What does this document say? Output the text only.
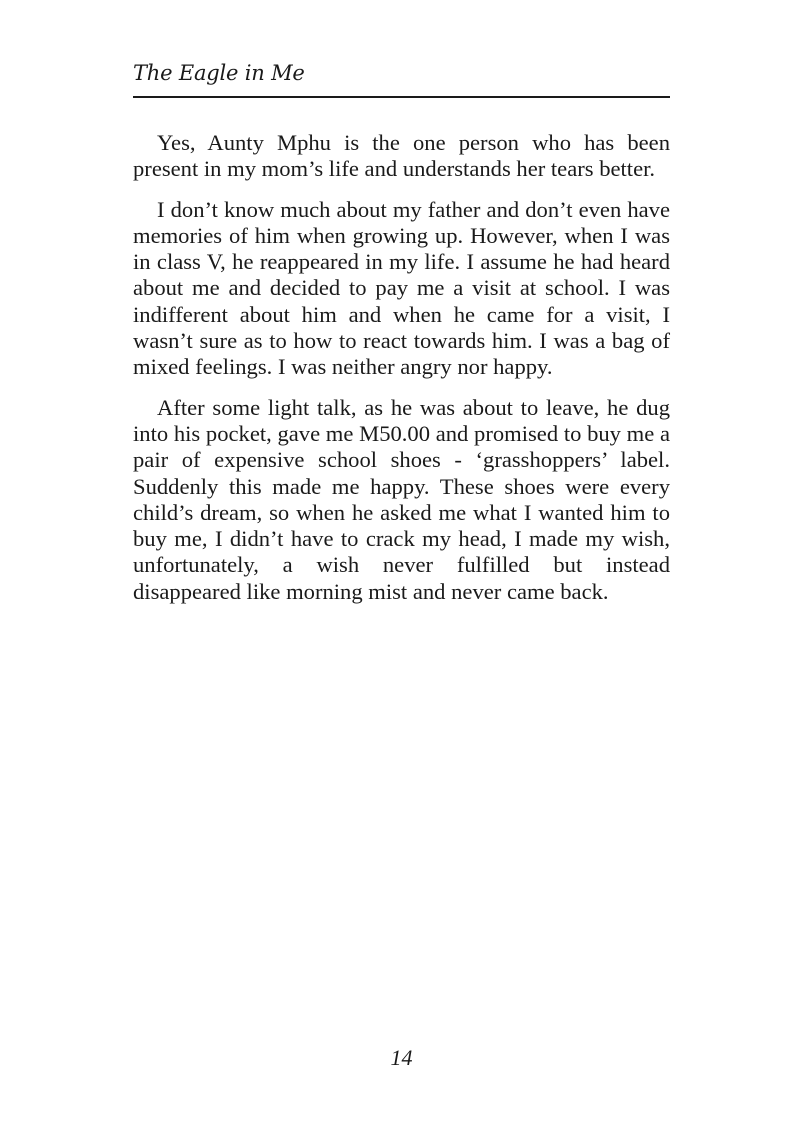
The Eagle in Me

Yes, Aunty Mphu is the one person who has been present in my mom’s life and understands her tears better.

I don’t know much about my father and don’t even have memories of him when growing up. However, when I was in class V, he reappeared in my life. I assume he had heard about me and decided to pay me a visit at school. I was indifferent about him and when he came for a visit, I wasn’t sure as to how to react towards him. I was a bag of mixed feelings. I was neither angry nor happy.

After some light talk, as he was about to leave, he dug into his pocket, gave me M50.00 and promised to buy me a pair of expensive school shoes - ‘grasshoppers’ label. Suddenly this made me happy. These shoes were every child’s dream, so when he asked me what I wanted him to buy me, I didn’t have to crack my head, I made my wish, unfortunately, a wish never fulfilled but instead disappeared like morning mist and never came back.

14
